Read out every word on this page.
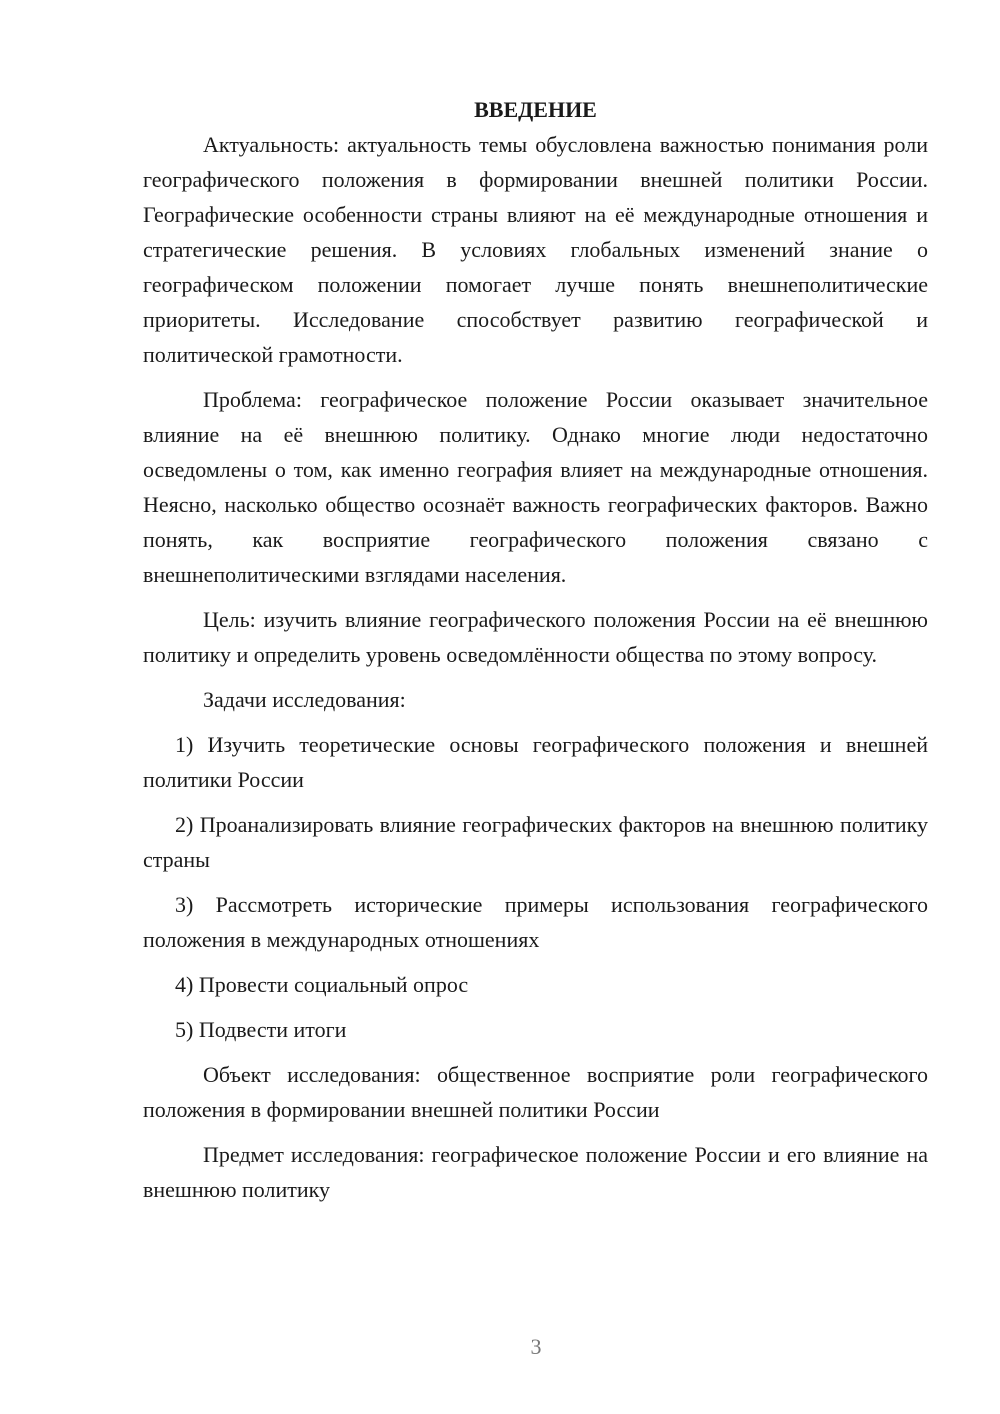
ВВЕДЕНИЕ

Актуальность: актуальность темы обусловлена важностью понимания роли географического положения в формировании внешней политики России. Географические особенности страны влияют на её международные отношения и стратегические решения. В условиях глобальных изменений знание о географическом положении помогает лучше понять внешнеполитические приоритеты. Исследование способствует развитию географической и политической грамотности.

Проблема: географическое положение России оказывает значительное влияние на её внешнюю политику. Однако многие люди недостаточно осведомлены о том, как именно география влияет на международные отношения. Неясно, насколько общество осознаёт важность географических факторов. Важно понять, как восприятие географического положения связано с внешнеполитическими взглядами населения.

Цель: изучить влияние географического положения России на её внешнюю политику и определить уровень осведомлённости общества по этому вопросу.

Задачи исследования:

1) Изучить теоретические основы географического положения и внешней политики России

2) Проанализировать влияние географических факторов на внешнюю политику страны

3) Рассмотреть исторические примеры использования географического положения в международных отношениях

4) Провести социальный опрос

5) Подвести итоги

Объект исследования: общественное восприятие роли географического положения в формировании внешней политики России

Предмет исследования: географическое положение России и его влияние на внешнюю политику

3
